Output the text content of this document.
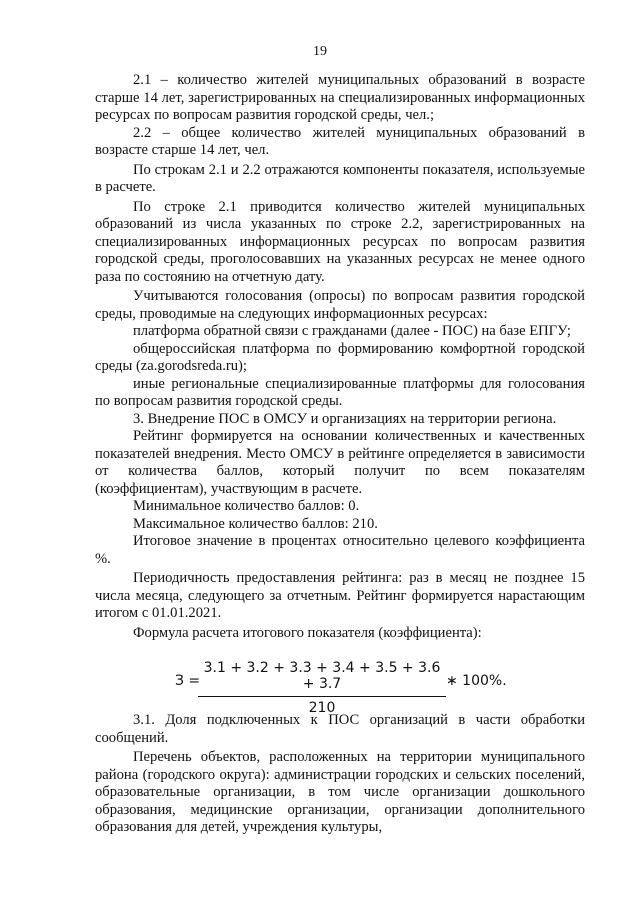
19

2.1 – количество жителей муниципальных образований в возрасте старше 14 лет, зарегистрированных на специализированных информационных ресурсах по вопросам развития городской среды, чел.;

2.2 – общее количество жителей муниципальных образований в возрасте старше 14 лет, чел.

По строкам 2.1 и 2.2 отражаются компоненты показателя, используемые в расчете.

По строке 2.1 приводится количество жителей муниципальных образований из числа указанных по строке 2.2, зарегистрированных на специализированных информационных ресурсах по вопросам развития городской среды, проголосовавших на указанных ресурсах не менее одного раза по состоянию на отчетную дату.

Учитываются голосования (опросы) по вопросам развития городской среды, проводимые на следующих информационных ресурсах:

платформа обратной связи с гражданами (далее - ПОС) на базе ЕПГУ;

общероссийская платформа по формированию комфортной городской среды (za.gorodsreda.ru);

иные региональные специализированные платформы для голосования по вопросам развития городской среды.

3. Внедрение ПОС в ОМСУ и организациях на территории региона.

Рейтинг формируется на основании количественных и качественных показателей внедрения. Место ОМСУ в рейтинге определяется в зависимости от количества баллов, который получит по всем показателям (коэффициентам), участвующим в расчете.

Минимальное количество баллов: 0.

Максимальное количество баллов: 210.

Итоговое значение в процентах относительно целевого коэффициента %.

Периодичность предоставления рейтинга: раз в месяц не позднее 15 числа месяца, следующего за отчетным. Рейтинг формируется нарастающим итогом с 01.01.2021.

Формула расчета итогового показателя (коэффициента):

З =
$\frac{3.1 + 3.2 + 3.3 + 3.4 + 3.5 + 3.6 + 3.7}{210}$ ∗ 100%.

3.1. Доля подключенных к ПОС организаций в части обработки сообщений.

Перечень объектов, расположенных на территории муниципального района (городского округа): администрации городских и сельских поселений, образовательные организации, в том числе организации дошкольного образования, медицинские организации, организации дополнительного образования для детей, учреждения культуры,
